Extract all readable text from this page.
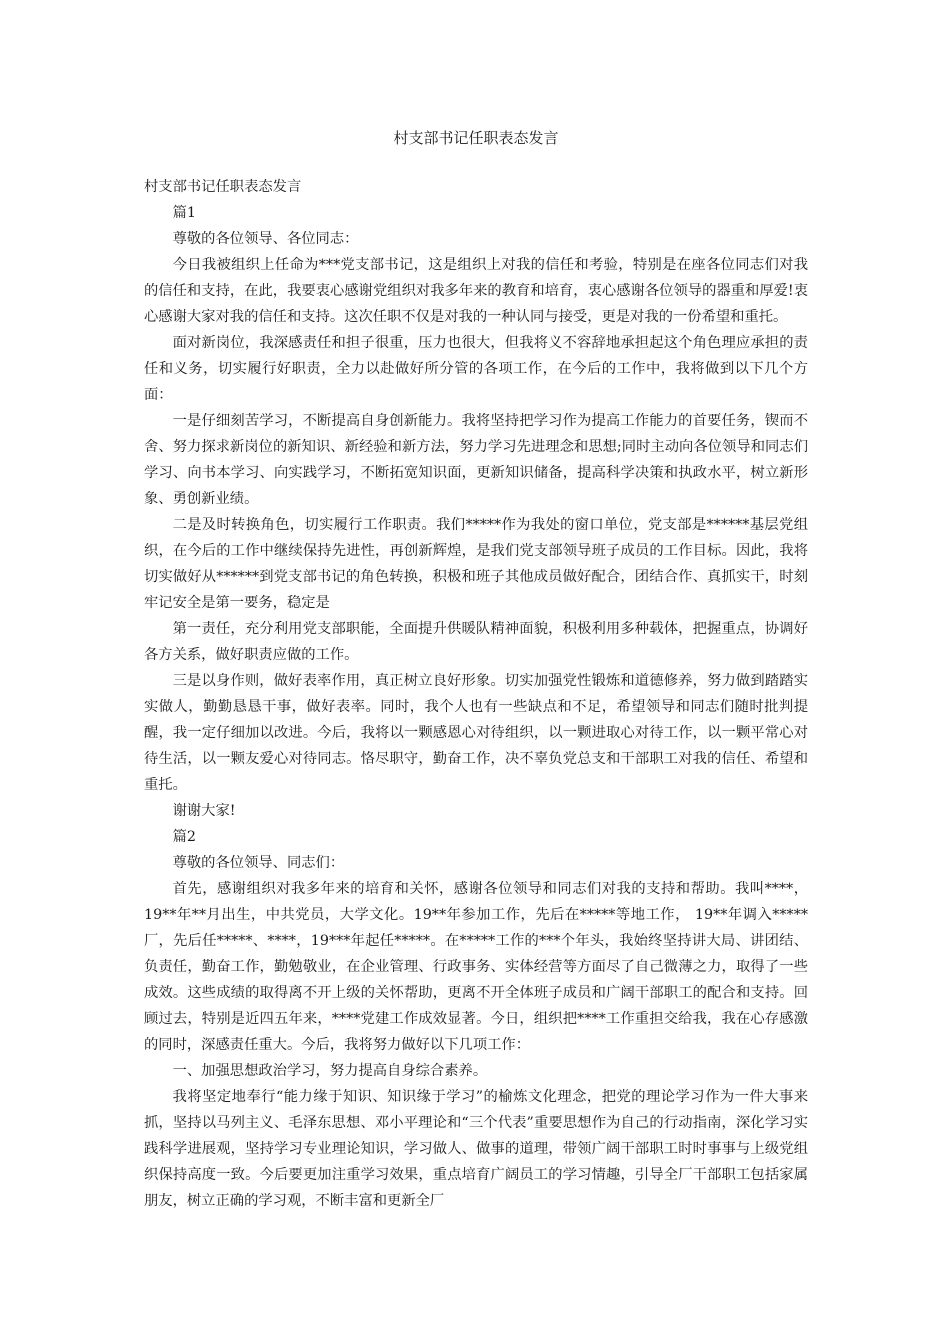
村支部书记任职表态发言

村支部书记任职表态发言

篇1

尊敬的各位领导、各位同志：

今日我被组织上任命为***党支部书记，这是组织上对我的信任和考验，特别是在座各位同志们对我的信任和支持，在此，我要衷心感谢党组织对我多年来的教育和培育，衷心感谢各位领导的器重和厚爱!衷心感谢大家对我的信任和支持。这次任职不仅是对我的一种认同与接受，更是对我的一份希望和重托。

面对新岗位，我深感责任和担子很重，压力也很大，但我将义不容辞地承担起这个角色理应承担的责任和义务，切实履行好职责，全力以赴做好所分管的各项工作，在今后的工作中，我将做到以下几个方面：

一是仔细刻苦学习，不断提高自身创新能力。我将坚持把学习作为提高工作能力的首要任务，锲而不舍、努力探求新岗位的新知识、新经验和新方法，努力学习先进理念和思想;同时主动向各位领导和同志们学习、向书本学习、向实践学习，不断拓宽知识面，更新知识储备，提高科学决策和执政水平，树立新形象、勇创新业绩。

二是及时转换角色，切实履行工作职责。我们*****作为我处的窗口单位，党支部是******基层党组织，在今后的工作中继续保持先进性，再创新辉煌，是我们党支部领导班子成员的工作目标。因此，我将切实做好从******到党支部书记的角色转换，积极和班子其他成员做好配合，团结合作、真抓实干，时刻牢记安全是第一要务，稳定是

第一责任，充分利用党支部职能，全面提升供暖队精神面貌，积极利用多种载体，把握重点，协调好各方关系，做好职责应做的工作。

三是以身作则，做好表率作用，真正树立良好形象。切实加强党性锻炼和道德修养，努力做到踏踏实实做人，勤勤恳恳干事，做好表率。同时，我个人也有一些缺点和不足，希望领导和同志们随时批判提醒，我一定仔细加以改进。今后，我将以一颗感恩心对待组织，以一颗进取心对待工作，以一颗平常心对待生活，以一颗友爱心对待同志。恪尽职守，勤奋工作，决不辜负党总支和干部职工对我的信任、希望和重托。

谢谢大家!

篇2

尊敬的各位领导、同志们：

首先，感谢组织对我多年来的培育和关怀，感谢各位领导和同志们对我的支持和帮助。我叫****，19**年**月出生，中共党员，大学文化。19**年参加工作，先后在*****等地工作， 19**年调入*****厂，先后任*****、****，19***年起任*****。在*****工作的***个年头，我始终坚持讲大局、讲团结、负责任，勤奋工作，勤勉敬业，在企业管理、行政事务、实体经营等方面尽了自己微薄之力，取得了一些成效。这些成绩的取得离不开上级的关怀帮助，更离不开全体班子成员和广阔干部职工的配合和支持。回顾过去，特别是近四五年来，****党建工作成效显著。今日，组织把****工作重担交给我，我在心存感激的同时，深感责任重大。今后，我将努力做好以下几项工作：

一、加强思想政治学习，努力提高自身综合素养。

我将坚定地奉行“能力缘于知识、知识缘于学习”的榆炼文化理念，把党的理论学习作为一件大事来抓，坚持以马列主义、毛泽东思想、邓小平理论和“三个代表”重要思想作为自己的行动指南，深化学习实践科学进展观，坚持学习专业理论知识，学习做人、做事的道理，带领广阔干部职工时时事事与上级党组织保持高度一致。今后要更加注重学习效果，重点培育广阔员工的学习情趣，引导全厂干部职工包括家属朋友，树立正确的学习观，不断丰富和更新全厂
